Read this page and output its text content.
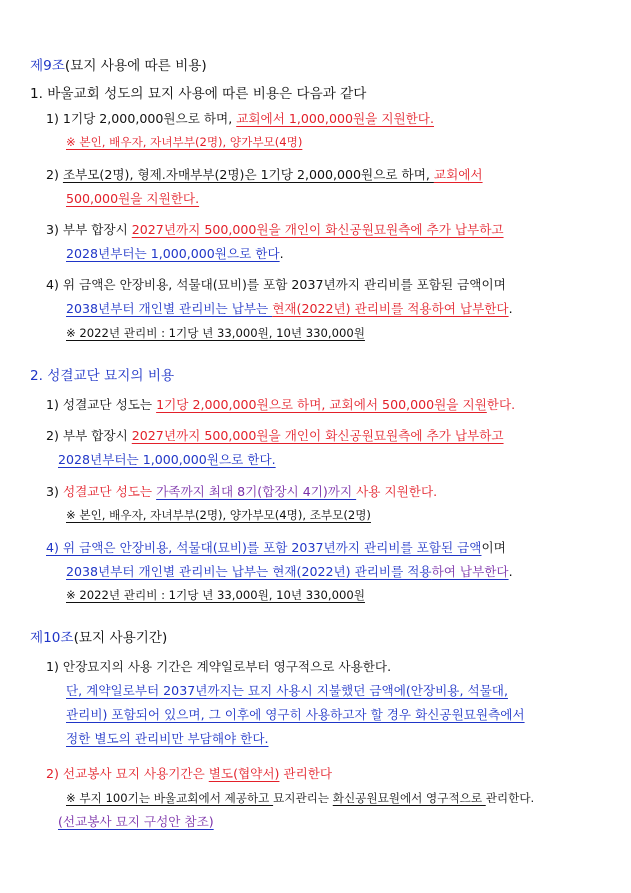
제9조(묘지 사용에 따른 비용)
1. 바울교회 성도의 묘지 사용에 따른 비용은 다음과 같다
1) 1기당 2,000,000원으로 하며, 교회에서 1,000,000원을 지원한다.
※ 본인, 배우자, 자녀부부(2명), 양가부모(4명)
2) 조부모(2명), 형제.자매부부(2명)은 1기당 2,000,000원으로 하며, 교회에서
500,000원을 지원한다.
3) 부부 합장시 2027년까지 500,000원을 개인이 화신공원묘원측에 추가 납부하고
2028년부터는 1,000,000원으로 한다.
4) 위 금액은 안장비용, 석물대(묘비)를 포함 2037년까지 관리비를 포함된 금액이며
2038년부터 개인별 관리비는 납부는 현재(2022년) 관리비를 적용하여 납부한다.
※ 2022년 관리비 : 1기당 년 33,000원, 10년 330,000원
2. 성결교단 묘지의 비용
1) 성결교단 성도는 1기당 2,000,000원으로 하며, 교회에서 500,000원을 지원한다.
2) 부부 합장시 2027년까지 500,000원을 개인이 화신공원묘원측에 추가 납부하고
2028년부터는 1,000,000원으로 한다.
3) 성결교단 성도는 가족까지 최대 8기(합장시 4기)까지 사용 지원한다.
※ 본인, 배우자, 자녀부부(2명), 양가부모(4명), 조부모(2명)
4) 위 금액은 안장비용, 석물대(묘비)를 포함 2037년까지 관리비를 포함된 금액이며
2038년부터 개인별 관리비는 납부는 현재(2022년) 관리비를 적용하여 납부한다.
※ 2022년 관리비 : 1기당 년 33,000원, 10년 330,000원
제10조(묘지 사용기간)
1) 안장묘지의 사용 기간은 계약일로부터 영구적으로 사용한다.
단, 계약일로부터 2037년까지는 묘지 사용시 지불했던 금액에(안장비용, 석물대,
관리비) 포함되어 있으며, 그 이후에 영구히 사용하고자 할 경우 화신공원묘원측에서
정한 별도의 관리비만 부담해야 한다.
2) 선교봉사 묘지 사용기간은 별도(협약서) 관리한다
※ 부지 100기는 바울교회에서 제공하고 묘지관리는 화신공원묘원에서 영구적으로 관리한다.
(선교봉사 묘지 구성안 참조)
